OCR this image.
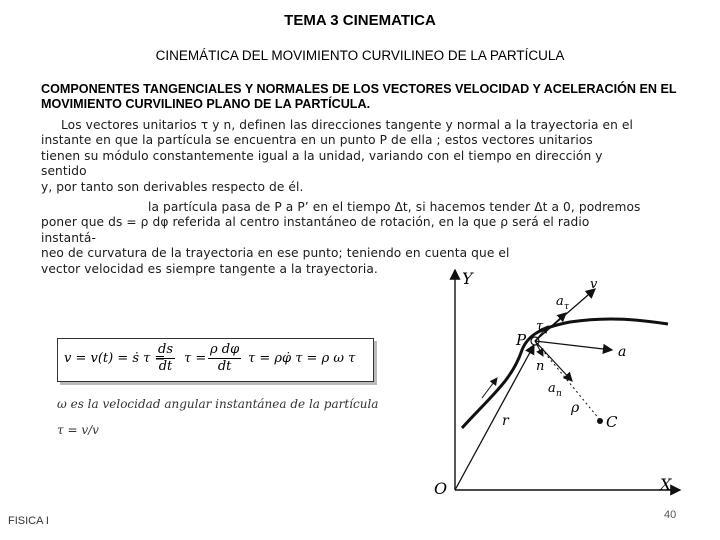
TEMA 3 CINEMATICA
CINEMÁTICA DEL MOVIMIENTO CURVILINEO DE LA PARTÍCULA
COMPONENTES TANGENCIALES Y NORMALES DE LOS VECTORES VELOCIDAD Y ACELERACIÓN EN EL MOVIMIENTO CURVILINEO PLANO DE LA PARTÍCULA.
Los vectores unitarios τ y n, definen las direcciones tangente y normal a la trayectoria en el
instante en que la partícula se encuentra en un punto P de ella ; estos vectores unitarios
tienen su módulo constantemente igual a la unidad, variando con el tiempo en dirección y sentido
y, por tanto son derivables respecto de él.
la partícula pasa de P a P’ en el tiempo Δt, si hacemos tender Δt a 0, podremos
poner que ds = ρ dφ referida al centro instantáneo de rotación, en la que ρ será el radio instantá-
neo de curvatura de la trayectoria en ese punto; teniendo en cuenta que el
vector velocidad es siempre tangente a la trayectoria.
v = v(t) = ṡ τ =
$\frac{ds}{dt}$ $\tau = \frac{\text{ρ dφ}}{dt}$ τ = ρφ̇ τ = ρ ω τ
ω es la velocidad angular instantánea de la partícula
τ = v/v
Y
X
O
r
P
v
a τ
τ
a
n
a n
C
ρ
FISICA I	40
